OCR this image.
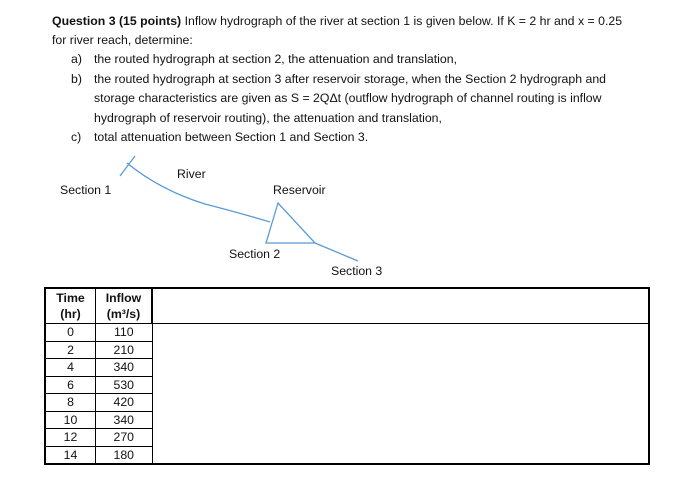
Question 3 (15 points) Inflow hydrograph of the river at section 1 is given below. If K = 2 hr and x = 0.25
for river reach, determine:

a) the routed hydrograph at section 2, the attenuation and translation,
b) the routed hydrograph at section 3 after reservoir storage, when the Section 2 hydrograph and
storage characteristics are given as S = 2QΔt (outflow hydrograph of channel routing is inflow
hydrograph of reservoir routing), the attenuation and translation,
c) total attenuation between Section 1 and Section 3.
River
Section 1	Reservoir
Section 2
Section 3
Time
(hr)	Inflow
(m³/s)	
0	110	
2	210	
4	340	
6	530	
8	420	
10	340	
12	270	
14	180	
